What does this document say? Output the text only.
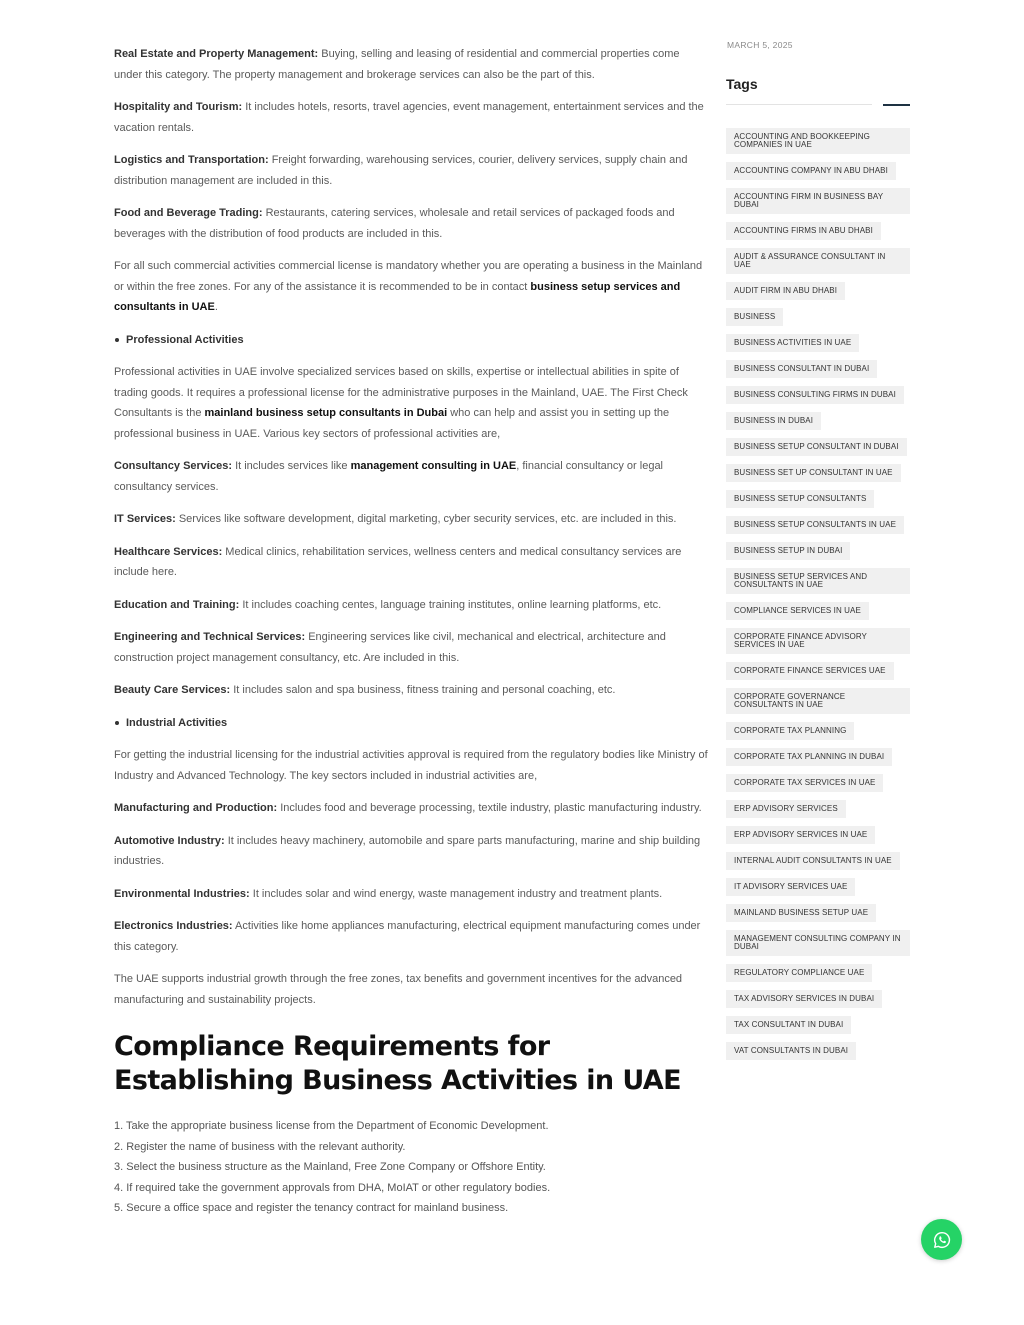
Real Estate and Property Management: Buying, selling and leasing of residential and commercial properties come under this category. The property management and brokerage services can also be the part of this.

Hospitality and Tourism: It includes hotels, resorts, travel agencies, event management, entertainment services and the vacation rentals.

Logistics and Transportation: Freight forwarding, warehousing services, courier, delivery services, supply chain and distribution management are included in this.

Food and Beverage Trading: Restaurants, catering services, wholesale and retail services of packaged foods and beverages with the distribution of food products are included in this.

For all such commercial activities commercial license is mandatory whether you are operating a business in the Mainland or within the free zones. For any of the assistance it is recommended to be in contact business setup services and consultants in UAE.

Professional Activities

Professional activities in UAE involve specialized services based on skills, expertise or intellectual abilities in spite of trading goods. It requires a professional license for the administrative purposes in the Mainland, UAE. The First Check Consultants is the mainland business setup consultants in Dubai who can help and assist you in setting up the professional business in UAE. Various key sectors of professional activities are,

Consultancy Services: It includes services like management consulting in UAE, financial consultancy or legal consultancy services.

IT Services: Services like software development, digital marketing, cyber security services, etc. are included in this.

Healthcare Services: Medical clinics, rehabilitation services, wellness centers and medical consultancy services are include here.

Education and Training: It includes coaching centes, language training institutes, online learning platforms, etc.

Engineering and Technical Services: Engineering services like civil, mechanical and electrical, architecture and construction project management consultancy, etc. Are included in this.

Beauty Care Services: It includes salon and spa business, fitness training and personal coaching, etc.

Industrial Activities

For getting the industrial licensing for the industrial activities approval is required from the regulatory bodies like Ministry of Industry and Advanced Technology. The key sectors included in industrial activities are,

Manufacturing and Production: Includes food and beverage processing, textile industry, plastic manufacturing industry.

Automotive Industry: It includes heavy machinery, automobile and spare parts manufacturing, marine and ship building industries.

Environmental Industries: It includes solar and wind energy, waste management industry and treatment plants.

Electronics Industries: Activities like home appliances manufacturing, electrical equipment manufacturing comes under this category.

The UAE supports industrial growth through the free zones, tax benefits and government incentives for the advanced manufacturing and sustainability projects.

Compliance Requirements for Establishing Business Activities in UAE
1. Take the appropriate business license from the Department of Economic Development.
2. Register the name of business with the relevant authority.
3. Select the business structure as the Mainland, Free Zone Company or Offshore Entity.
4. If required take the government approvals from DHA, MoIAT or other regulatory bodies.
5. Secure a office space and register the tenancy contract for mainland business.
MARCH 5, 2025
Tags
ACCOUNTING AND BOOKKEEPING COMPANIES IN UAE
ACCOUNTING COMPANY IN ABU DHABI
ACCOUNTING FIRM IN BUSINESS BAY DUBAI
ACCOUNTING FIRMS IN ABU DHABI
AUDIT & ASSURANCE CONSULTANT IN UAE
AUDIT FIRM IN ABU DHABI
BUSINESS
BUSINESS ACTIVITIES IN UAE
BUSINESS CONSULTANT IN DUBAI
BUSINESS CONSULTING FIRMS IN DUBAI
BUSINESS IN DUBAI
BUSINESS SETUP CONSULTANT IN DUBAI
BUSINESS SET UP CONSULTANT IN UAE
BUSINESS SETUP CONSULTANTS
BUSINESS SETUP CONSULTANTS IN UAE
BUSINESS SETUP IN DUBAI
BUSINESS SETUP SERVICES AND CONSULTANTS IN UAE
COMPLIANCE SERVICES IN UAE
CORPORATE FINANCE ADVISORY SERVICES IN UAE
CORPORATE FINANCE SERVICES UAE
CORPORATE GOVERNANCE CONSULTANTS IN UAE
CORPORATE TAX PLANNING
CORPORATE TAX PLANNING IN DUBAI
CORPORATE TAX SERVICES IN UAE
ERP ADVISORY SERVICES
ERP ADVISORY SERVICES IN UAE
INTERNAL AUDIT CONSULTANTS IN UAE
IT ADVISORY SERVICES UAE
MAINLAND BUSINESS SETUP UAE
MANAGEMENT CONSULTING COMPANY IN DUBAI
REGULATORY COMPLIANCE UAE
TAX ADVISORY SERVICES IN DUBAI
TAX CONSULTANT IN DUBAI
VAT CONSULTANTS IN DUBAI
